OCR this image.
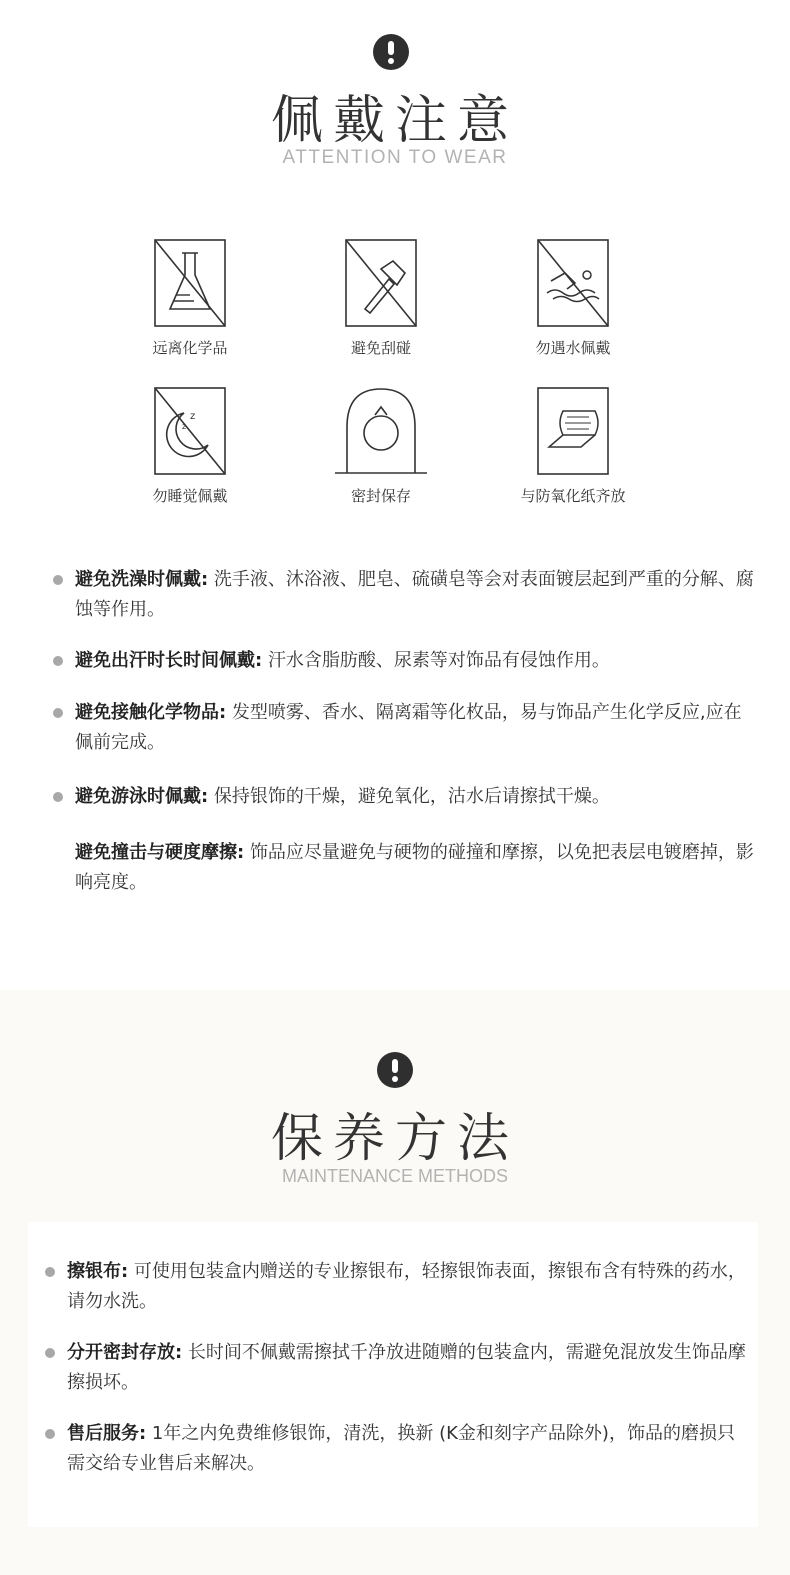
佩戴注意
ATTENTION TO WEAR
远离化学品	避免刮碰	勿遇水佩戴
z
z
勿睡觉佩戴	密封保存	与防氧化纸齐放
避免洗澡时佩戴: 洗手液、沐浴液、肥皂、硫磺皂等会对表面镀层起到严重的分解、腐蚀等作用。
避免出汗时长时间佩戴: 汗水含脂肪酸、尿素等对饰品有侵蚀作用。
避免接触化学物品: 发型喷雾、香水、隔离霜等化枚品，易与饰品产生化学反应,应在佩前完成。
避免游泳时佩戴: 保持银饰的干燥，避免氧化，沽水后请擦拭干燥。
避免撞击与硬度摩擦: 饰品应尽量避免与硬物的碰撞和摩擦，以免把表层电镀磨掉，影响亮度。
保养方法
MAINTENANCE METHODS
擦银布: 可使用包装盒内赠送的专业擦银布，轻擦银饰表面，擦银布含有特殊的药水，请勿水洗。
分开密封存放: 长时间不佩戴需擦拭千净放进随赠的包装盒内，需避免混放发生饰品摩擦损坏。
售后服务: 1年之内免费维修银饰，清洗，换新 (K金和刻字产品除外)，饰品的磨损只需交给专业售后来解决。
